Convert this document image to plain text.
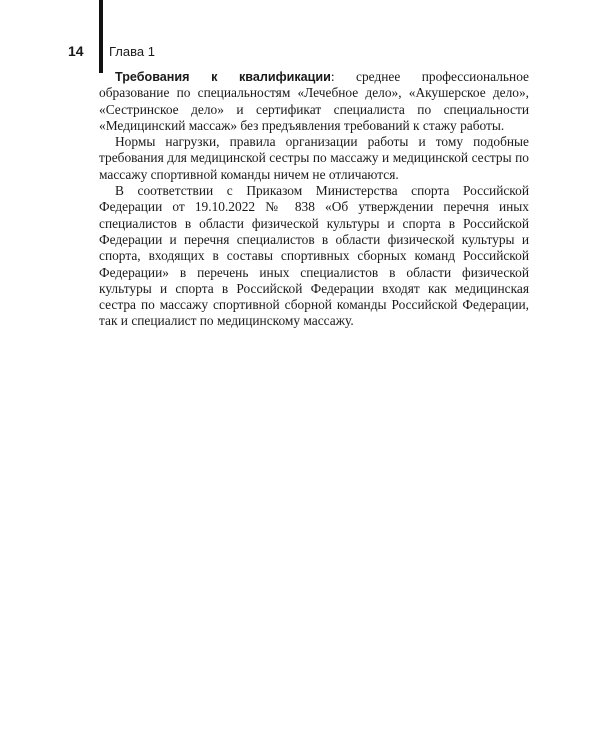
14 Глава 1

Требования к квалификации: среднее профессиональное образование по специальностям «Лечебное дело», «Акушерское дело», «Сестринское дело» и сертификат специалиста по специальности «Медицинский массаж» без предъявления требований к стажу работы.

Нормы нагрузки, правила организации работы и тому подобные требования для медицинской сестры по массажу и медицинской сестры по массажу спортивной команды ничем не отличаются.

В соответствии с Приказом Министерства спорта Российской Федерации от 19.10.2022 № 838 «Об утверждении перечня иных специалистов в области физической культуры и спорта в Российской Федерации и перечня специалистов в области физической культуры и спорта, входящих в составы спортивных сборных команд Российской Федерации» в перечень иных специалистов в области физической культуры и спорта в Российской Федерации входят как медицинская сестра по массажу спортивной сборной команды Российской Федерации, так и специалист по медицинскому массажу.
